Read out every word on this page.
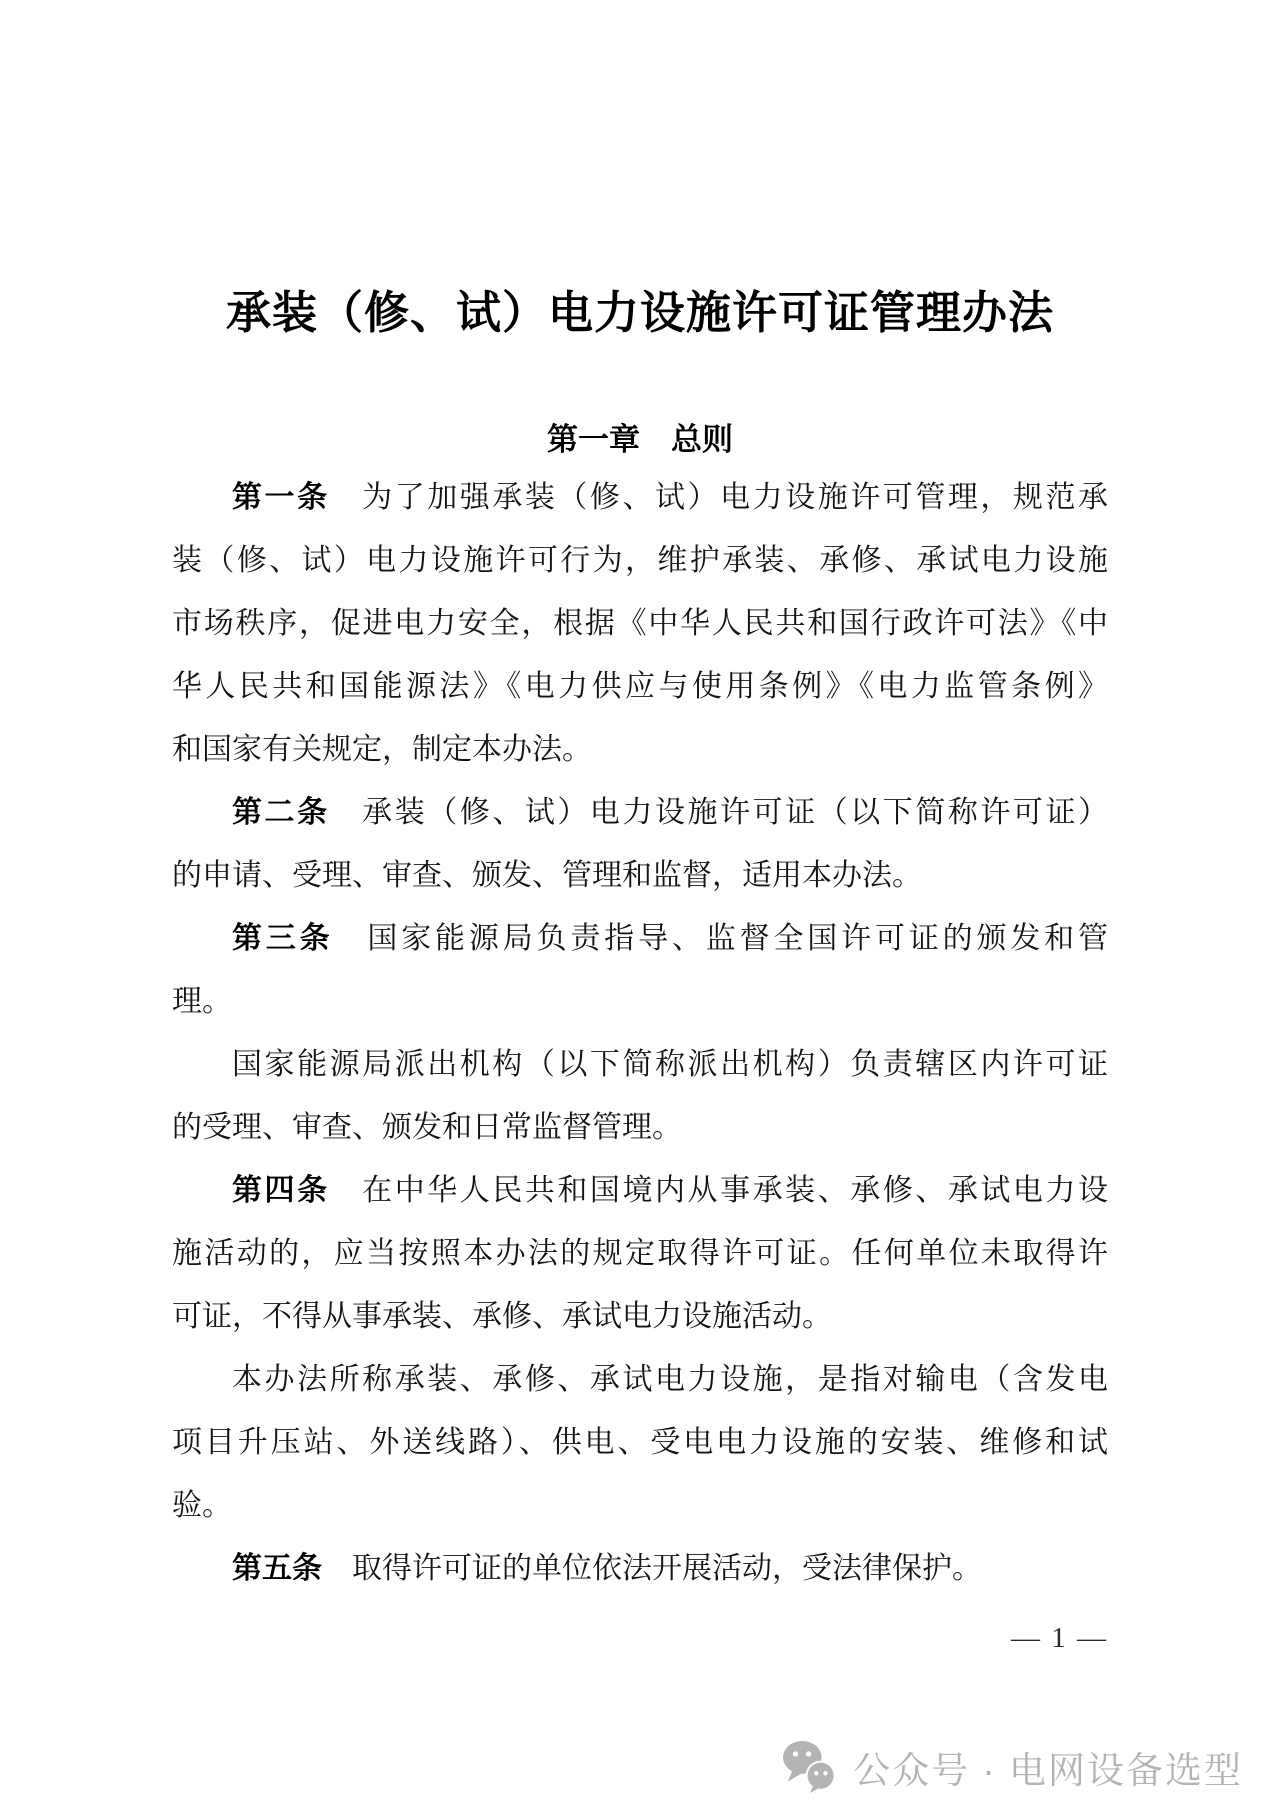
承装（修、试）电力设施许可证管理办法
第一章　总则
第一条　为了加强承装（修、试）电力设施许可管理，规范承
装（修、试）电力设施许可行为，维护承装、承修、承试电力设施
市场秩序，促进电力安全，根据《中华人民共和国行政许可法》《中
华人民共和国能源法》《电力供应与使用条例》《电力监管条例》
和国家有关规定，制定本办法。
第二条　承装（修、试）电力设施许可证（以下简称许可证）
的申请、受理、审查、颁发、管理和监督，适用本办法。
第三条　国家能源局负责指导、监督全国许可证的颁发和管
理。
国家能源局派出机构（以下简称派出机构）负责辖区内许可证
的受理、审查、颁发和日常监督管理。
第四条　在中华人民共和国境内从事承装、承修、承试电力设
施活动的，应当按照本办法的规定取得许可证。任何单位未取得许
可证，不得从事承装、承修、承试电力设施活动。
本办法所称承装、承修、承试电力设施，是指对输电（含发电
项目升压站、外送线路）、供电、受电电力设施的安装、维修和试
验。
第五条　取得许可证的单位依法开展活动，受法律保护。
— 1 —
公众号 · 电网设备选型
